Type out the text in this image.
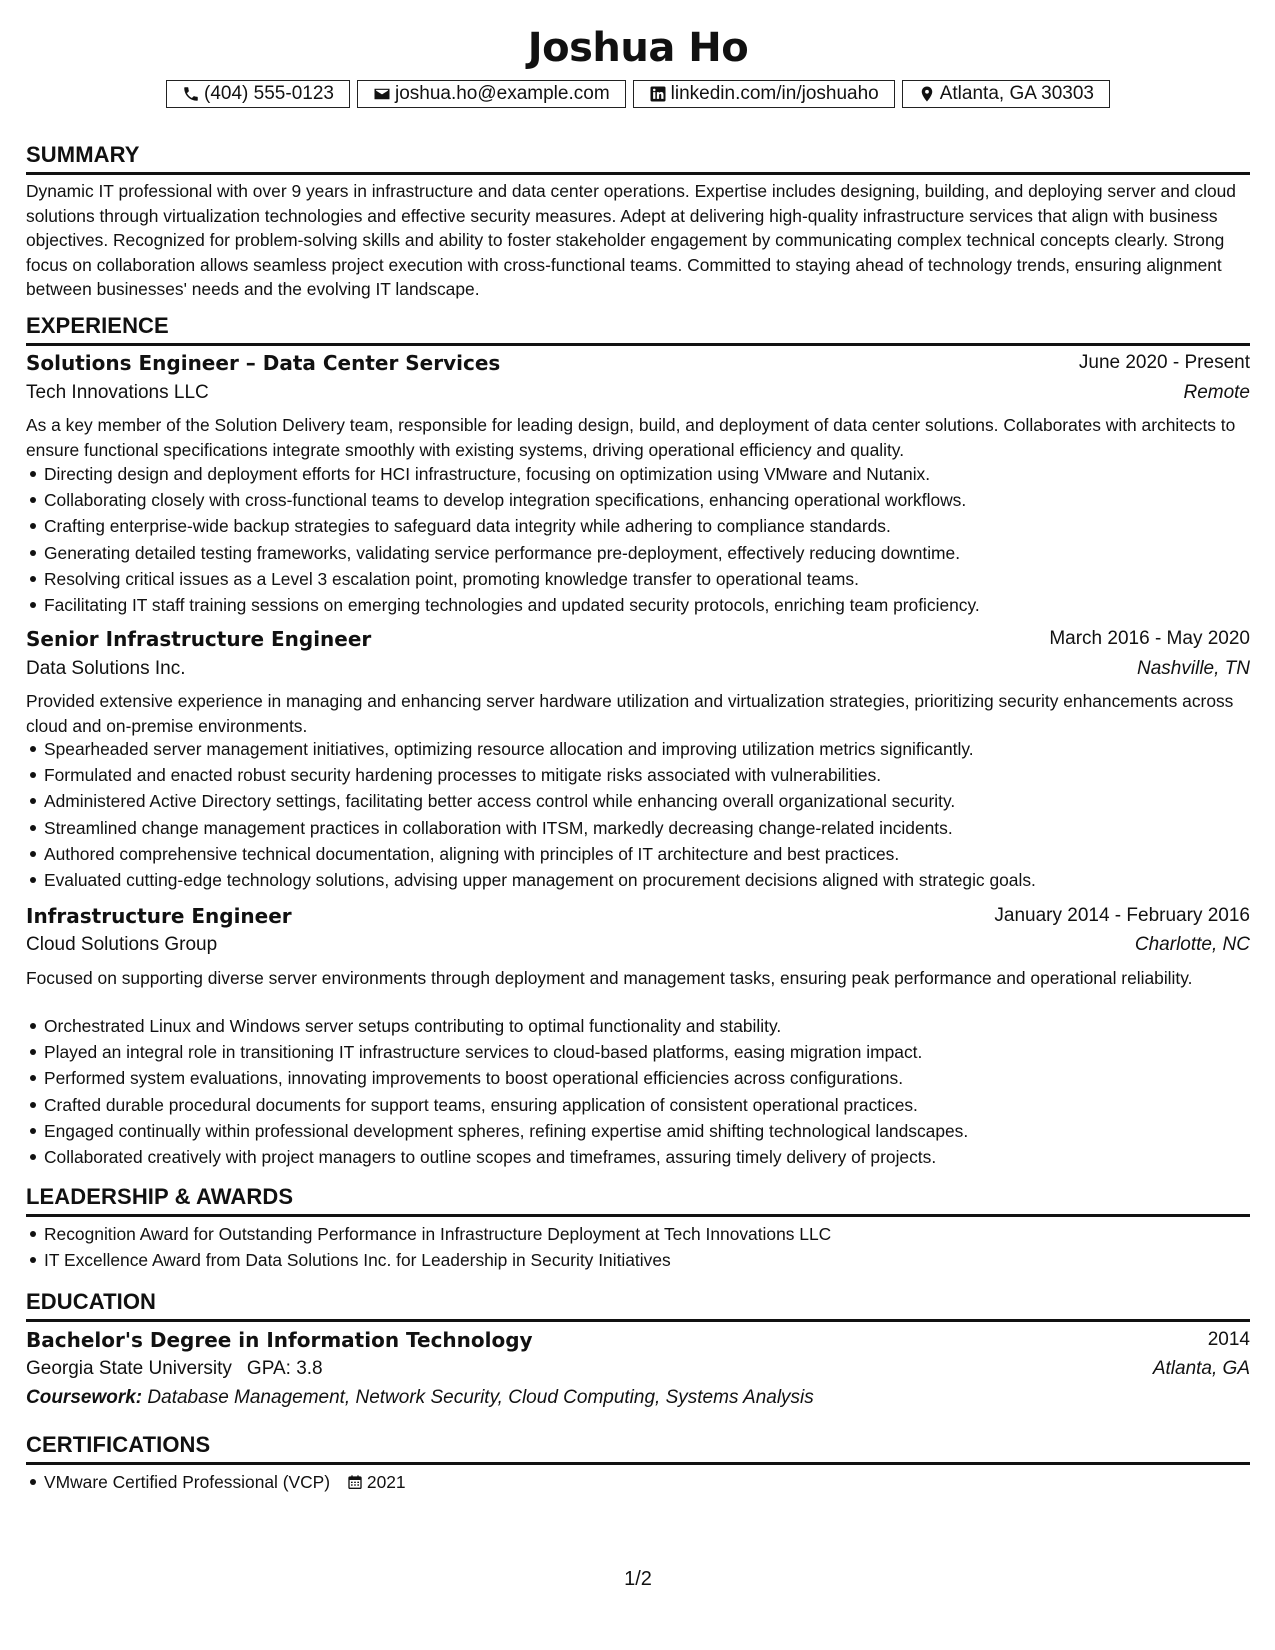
Joshua Ho
(404) 555-0123	joshua.ho@example.com	linkedin.com/in/joshuaho	Atlanta, GA 30303
SUMMARY

Dynamic IT professional with over 9 years in infrastructure and data center operations. Expertise includes designing, building, and deploying server and cloud solutions through virtualization technologies and effective security measures. Adept at delivering high-quality infrastructure services that align with business objectives. Recognized for problem-solving skills and ability to foster stakeholder engagement by communicating complex technical concepts clearly. Strong focus on collaboration allows seamless project execution with cross-functional teams. Committed to staying ahead of technology trends, ensuring alignment between businesses' needs and the evolving IT landscape.

EXPERIENCE
Solutions Engineer – Data Center Services	June 2020 - Present
Tech Innovations LLC	Remote

As a key member of the Solution Delivery team, responsible for leading design, build, and deployment of data center solutions. Collaborates with architects to ensure functional specifications integrate smoothly with existing systems, driving operational efficiency and quality.

Directing design and deployment efforts for HCI infrastructure, focusing on optimization using VMware and Nutanix.
Collaborating closely with cross-functional teams to develop integration specifications, enhancing operational workflows.
Crafting enterprise-wide backup strategies to safeguard data integrity while adhering to compliance standards.
Generating detailed testing frameworks, validating service performance pre-deployment, effectively reducing downtime.
Resolving critical issues as a Level 3 escalation point, promoting knowledge transfer to operational teams.
Facilitating IT staff training sessions on emerging technologies and updated security protocols, enriching team proficiency.
Senior Infrastructure Engineer	March 2016 - May 2020
Data Solutions Inc.	Nashville, TN

Provided extensive experience in managing and enhancing server hardware utilization and virtualization strategies, prioritizing security enhancements across cloud and on-premise environments.

Spearheaded server management initiatives, optimizing resource allocation and improving utilization metrics significantly.
Formulated and enacted robust security hardening processes to mitigate risks associated with vulnerabilities.
Administered Active Directory settings, facilitating better access control while enhancing overall organizational security.
Streamlined change management practices in collaboration with ITSM, markedly decreasing change-related incidents.
Authored comprehensive technical documentation, aligning with principles of IT architecture and best practices.
Evaluated cutting-edge technology solutions, advising upper management on procurement decisions aligned with strategic goals.
Infrastructure Engineer	January 2014 - February 2016
Cloud Solutions Group	Charlotte, NC

Focused on supporting diverse server environments through deployment and management tasks, ensuring peak performance and operational reliability.

Orchestrated Linux and Windows server setups contributing to optimal functionality and stability.
Played an integral role in transitioning IT infrastructure services to cloud-based platforms, easing migration impact.
Performed system evaluations, innovating improvements to boost operational efficiencies across configurations.
Crafted durable procedural documents for support teams, ensuring application of consistent operational practices.
Engaged continually within professional development spheres, refining expertise amid shifting technological landscapes.
Collaborated creatively with project managers to outline scopes and timeframes, assuring timely delivery of projects.
LEADERSHIP & AWARDS
Recognition Award for Outstanding Performance in Infrastructure Deployment at Tech Innovations LLC
IT Excellence Award from Data Solutions Inc. for Leadership in Security Initiatives
EDUCATION
Bachelor's Degree in Information Technology	2014
Georgia State University GPA: 3.8	Atlanta, GA
Coursework: Database Management, Network Security, Cloud Computing, Systems Analysis
CERTIFICATIONS
VMware Certified Professional (VCP) 2021
1/2
